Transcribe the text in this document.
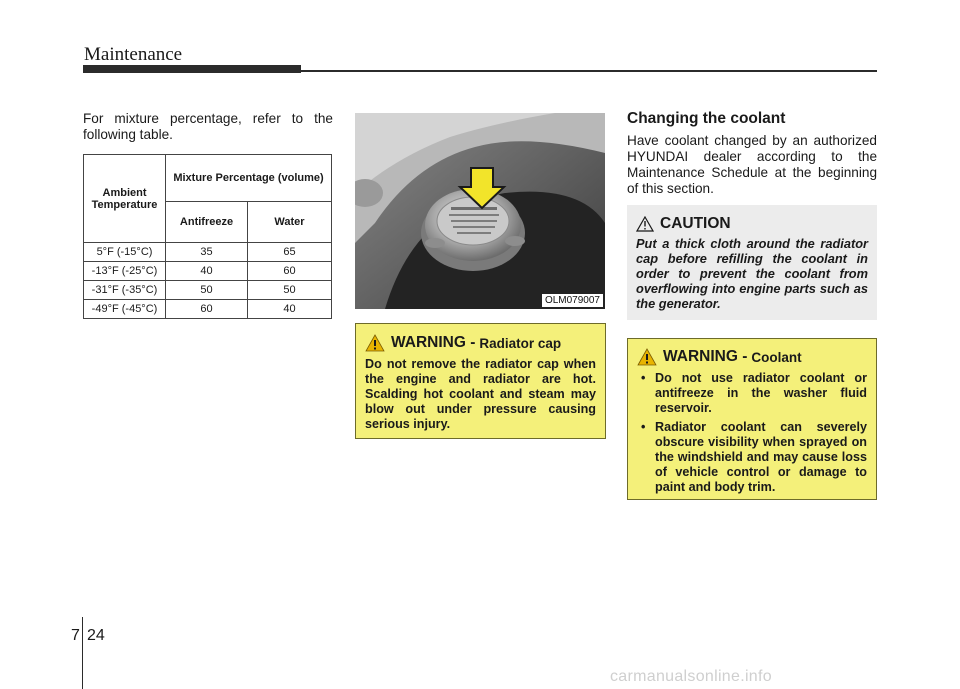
Maintenance
For mixture percentage, refer to the following table.
Ambient Temperature	Mixture Percentage (volume)	
	Antifreeze	Water
5°F (-15°C)	35	65
-13°F (-25°C)	40	60
-31°F (-35°C)	50	50
-49°F (-45°C)	60	40
OLM079007
WARNING - Radiator cap
Do not remove the radiator cap when the engine and radiator are hot. Scalding hot coolant and steam may blow out under pressure causing serious injury.
Changing the coolant
Have coolant changed by an authorized HYUNDAI dealer according to the Maintenance Schedule at the beginning of this section.
CAUTION
Put a thick cloth around the radiator cap before refilling the coolant in order to prevent the coolant from overflowing into engine parts such as the generator.
WARNING - Coolant
• Do not use radiator coolant or antifreeze in the washer fluid reservoir.
• Radiator coolant can severely obscure visibility when sprayed on the windshield and may cause loss of vehicle control or damage to paint and body trim.
7 24
carmanualsonline.info
